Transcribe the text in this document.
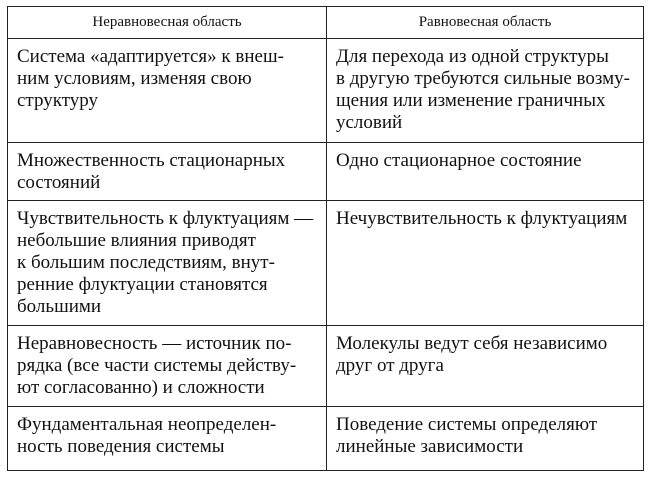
Неравновесная область	Равновесная область

Система «адаптируется» к внеш-
ним условиям, изменяя свою
структуру	Для перехода из одной структуры
в другую требуются сильные возму-
щения или изменение граничных
условий

Множественность стационарных
состояний	Одно стационарное состояние

Чувствительность к флуктуациям —
небольшие влияния приводят
к большим последствиям, внут-
ренние флуктуации становятся
большими	Нечувствительность к флуктуациям

Неравновесность — источник по-
рядка (все части системы действу-
ют согласованно) и сложности	Молекулы ведут себя независимо
друг от друга

Фундаментальная неопределен-
ность поведения системы	Поведение системы определяют
линейные зависимости
